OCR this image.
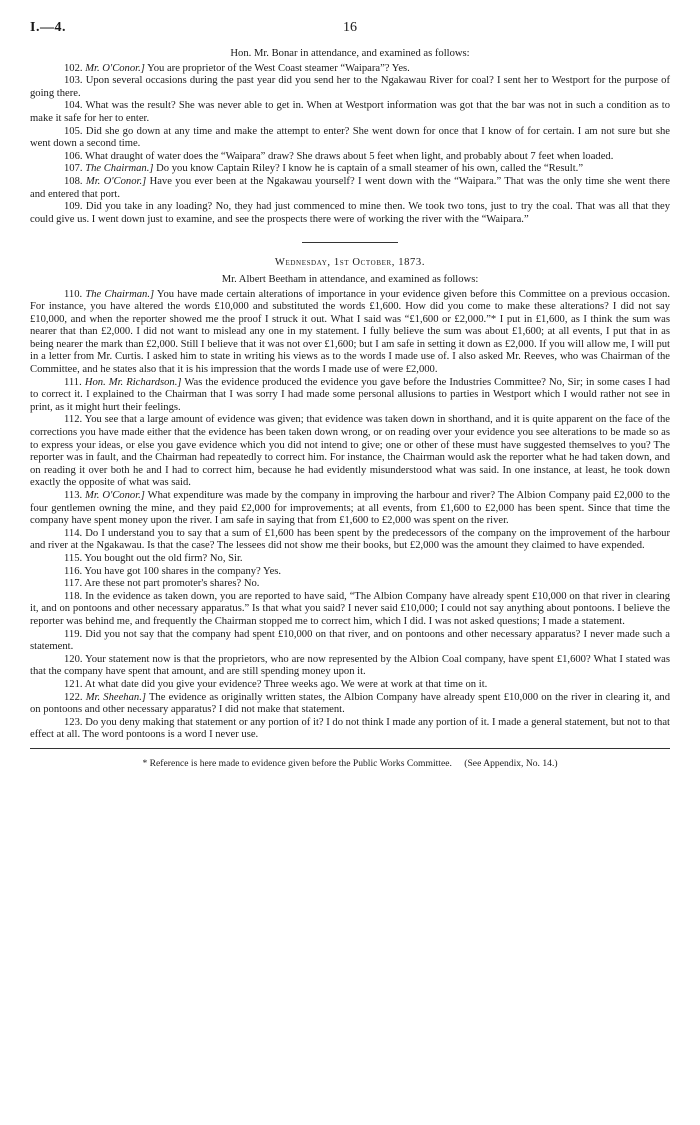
I.—4.	16

Hon. Mr. Bonar in attendance, and examined as follows:

102. Mr. O'Conor.] You are proprietor of the West Coast steamer “Waipara”? Yes.

103. Upon several occasions during the past year did you send her to the Ngakawau River for coal? I sent her to Westport for the purpose of going there.

104. What was the result? She was never able to get in. When at Westport information was got that the bar was not in such a condition as to make it safe for her to enter.

105. Did she go down at any time and make the attempt to enter? She went down for once that I know of for certain. I am not sure but she went down a second time.

106. What draught of water does the “Waipara” draw? She draws about 5 feet when light, and probably about 7 feet when loaded.

107. The Chairman.] Do you know Captain Riley? I know he is captain of a small steamer of his own, called the “Result.”

108. Mr. O'Conor.] Have you ever been at the Ngakawau yourself? I went down with the “Waipara.” That was the only time she went there and entered that port.

109. Did you take in any loading? No, they had just commenced to mine then. We took two tons, just to try the coal. That was all that they could give us. I went down just to examine, and see the prospects there were of working the river with the “Waipara.”

Wednesday, 1st October, 1873.

Mr. Albert Beetham in attendance, and examined as follows:

110. The Chairman.] You have made certain alterations of importance in your evidence given before this Committee on a previous occasion. For instance, you have altered the words £10,000 and substituted the words £1,600. How did you come to make these alterations? I did not say £10,000, and when the reporter showed me the proof I struck it out. What I said was “£1,600 or £2,000.”* I put in £1,600, as I think the sum was nearer that than £2,000. I did not want to mislead any one in my statement. I fully believe the sum was about £1,600; at all events, I put that in as being nearer the mark than £2,000. Still I believe that it was not over £1,600; but I am safe in setting it down as £2,000. If you will allow me, I will put in a letter from Mr. Curtis. I asked him to state in writing his views as to the words I made use of. I also asked Mr. Reeves, who was Chairman of the Committee, and he states also that it is his impression that the words I made use of were £2,000.

111. Hon. Mr. Richardson.] Was the evidence produced the evidence you gave before the Industries Committee? No, Sir; in some cases I had to correct it. I explained to the Chairman that I was sorry I had made some personal allusions to parties in Westport which I would rather not see in print, as it might hurt their feelings.

112. You see that a large amount of evidence was given; that evidence was taken down in shorthand, and it is quite apparent on the face of the corrections you have made either that the evidence has been taken down wrong, or on reading over your evidence you see alterations to be made so as to express your ideas, or else you gave evidence which you did not intend to give; one or other of these must have suggested themselves to you? The reporter was in fault, and the Chairman had repeatedly to correct him. For instance, the Chairman would ask the reporter what he had taken down, and on reading it over both he and I had to correct him, because he had evidently misunderstood what was said. In one instance, at least, he took down exactly the opposite of what was said.

113. Mr. O'Conor.] What expenditure was made by the company in improving the harbour and river? The Albion Company paid £2,000 to the four gentlemen owning the mine, and they paid £2,000 for improvements; at all events, from £1,600 to £2,000 has been spent. Since that time the company have spent money upon the river. I am safe in saying that from £1,600 to £2,000 was spent on the river.

114. Do I understand you to say that a sum of £1,600 has been spent by the predecessors of the company on the improvement of the harbour and river at the Ngakawau. Is that the case? The lessees did not show me their books, but £2,000 was the amount they claimed to have expended.

115. You bought out the old firm? No, Sir.

116. You have got 100 shares in the company? Yes.

117. Are these not part promoter's shares? No.

118. In the evidence as taken down, you are reported to have said, “The Albion Company have already spent £10,000 on that river in clearing it, and on pontoons and other necessary apparatus.” Is that what you said? I never said £10,000; I could not say anything about pontoons. I believe the reporter was behind me, and frequently the Chairman stopped me to correct him, which I did. I was not asked questions; I made a statement.

119. Did you not say that the company had spent £10,000 on that river, and on pontoons and other necessary apparatus? I never made such a statement.

120. Your statement now is that the proprietors, who are now represented by the Albion Coal company, have spent £1,600? What I stated was that the company have spent that amount, and are still spending money upon it.

121. At what date did you give your evidence? Three weeks ago. We were at work at that time on it.

122. Mr. Sheehan.] The evidence as originally written states, the Albion Company have already spent £10,000 on the river in clearing it, and on pontoons and other necessary apparatus? I did not make that statement.

123. Do you deny making that statement or any portion of it? I do not think I made any portion of it. I made a general statement, but not to that effect at all. The word pontoons is a word I never use.

* Reference is here made to evidence given before the Public Works Committee. (See Appendix, No. 14.)
